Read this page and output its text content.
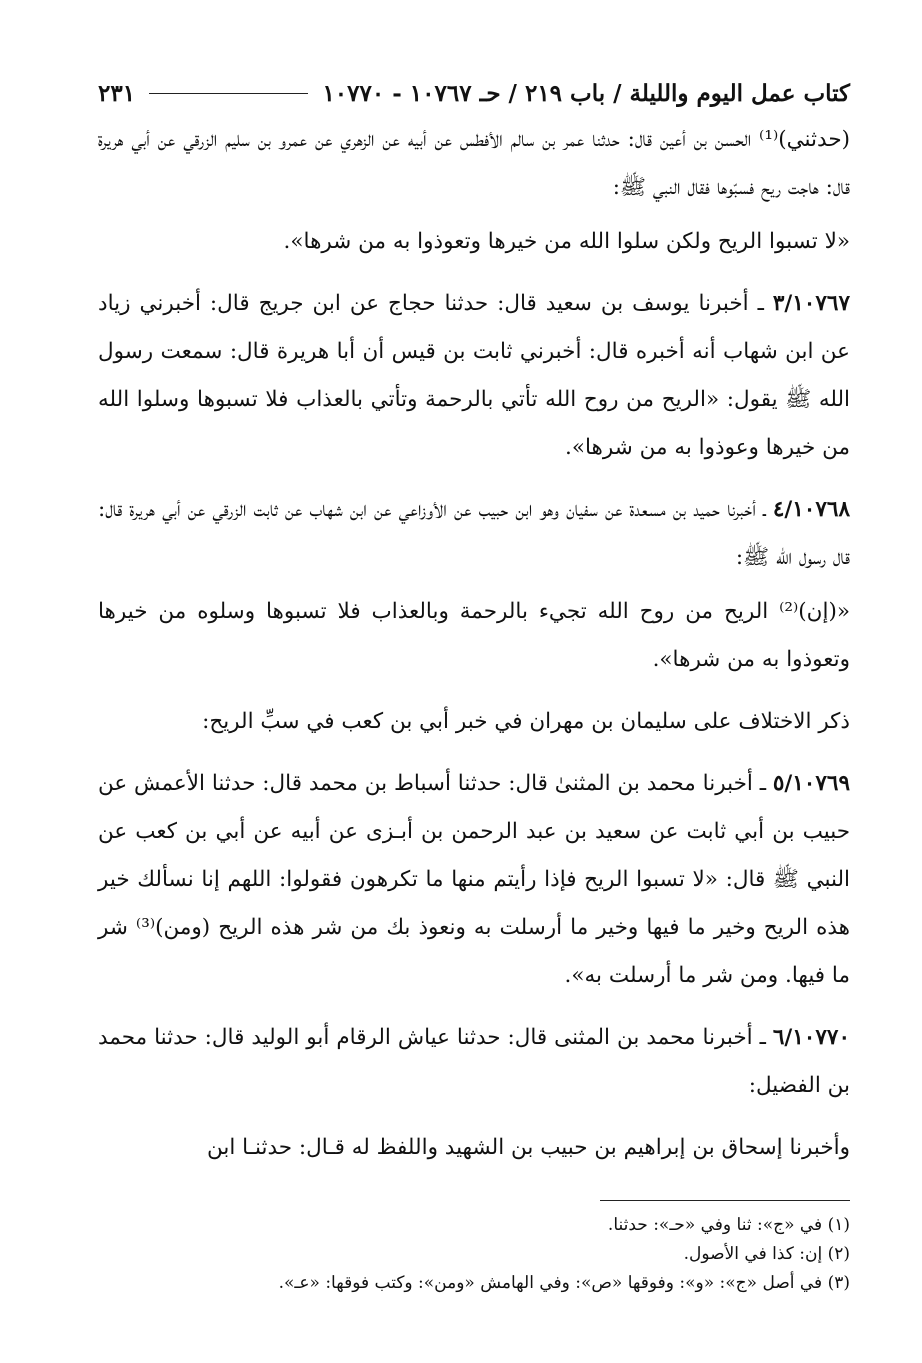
كتاب عمل اليوم والليلة / باب ٢١٩ / حـ ١٠٧٦٧ - ١٠٧٧٠
٢٣١

(حدثني)⁽¹⁾ الحسن بن أعين قال: حدثنا عمر بن سالم الأفطس عن أبيه عن الزهري عن عمرو بن سليم الزرقي عن أبي هريرة قال: هاجت ريح فسبّوها فقال النبي ﷺ:

«لا تسبوا الريح ولكن سلوا الله من خيرها وتعوذوا به من شرها».

٣/١٠٧٦٧ ـ أخبرنا يوسف بن سعيد قال: حدثنا حجاج عن ابن جريج قال: أخبرني زياد عن ابن شهاب أنه أخبره قال: أخبرني ثابت بن قيس أن أبا هريرة قال: سمعت رسول الله ﷺ يقول: «الريح من روح الله تأتي بالرحمة وتأتي بالعذاب فلا تسبوها وسلوا الله من خيرها وعوذوا به من شرها».

٤/١٠٧٦٨ ـ أخبرنا حميد بن مسعدة عن سفيان وهو ابن حبيب عن الأوزاعي عن ابن شهاب عن ثابت الزرقي عن أبي هريرة قال: قال رسول الله ﷺ:

«(إن)⁽²⁾ الريح من روح الله تجيء بالرحمة وبالعذاب فلا تسبوها وسلوه من خيرها وتعوذوا به من شرها».

ذكر الاختلاف على سليمان بن مهران في خبر أبي بن كعب في سبِّ الريح:

٥/١٠٧٦٩ ـ أخبرنا محمد بن المثنىٰ قال: حدثنا أسباط بن محمد قال: حدثنا الأعمش عن حبيب بن أبي ثابت عن سعيد بن عبد الرحمن بن أبـزى عن أبيه عن أبي بن كعب عن النبي ﷺ قال: «لا تسبوا الريح فإذا رأيتم منها ما تكرهون فقولوا: اللهم إنا نسألك خير هذه الريح وخير ما فيها وخير ما أرسلت به ونعوذ بك من شر هذه الريح (ومن)⁽³⁾ شر ما فيها. ومن شر ما أرسلت به».

٦/١٠٧٧٠ ـ أخبرنا محمد بن المثنى قال: حدثنا عياش الرقام أبو الوليد قال: حدثنا محمد بن الفضيل:

وأخبرنا إسحاق بن إبراهيم بن حبيب بن الشهيد واللفظ له قـال: حدثنـا ابن

(١) في «ج»: ثنا وفي «حـ»: حدثنا.

(٢) إن: كذا في الأصول.

(٣) في أصل «ج»: «و»: وفوقها «ص»: وفي الهامش «ومن»: وكتب فوقها: «عـ».
